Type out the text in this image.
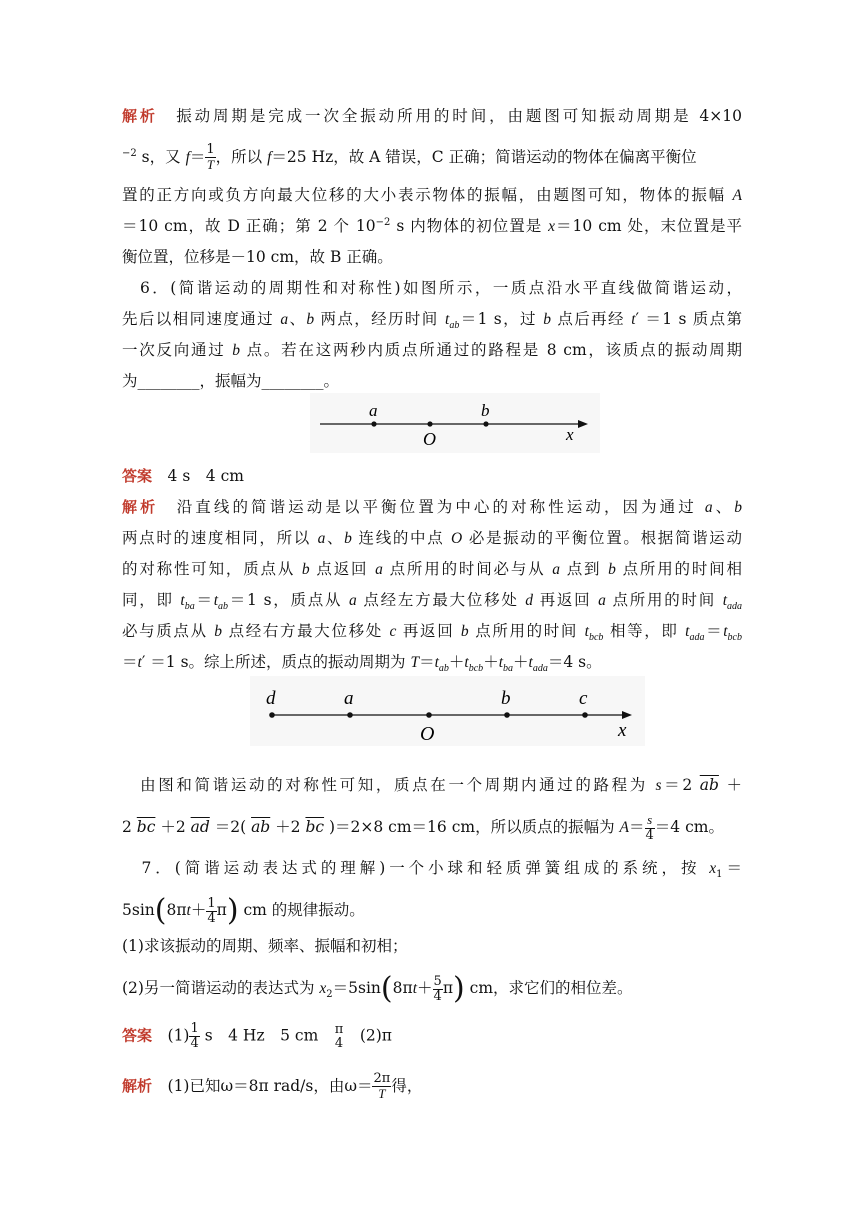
解析　振动周期是完成一次全振动所用的时间，由题图可知振动周期是 4×10
$^{-2}$ s，又 $f= \frac{1}{T}$ ，所以 f＝25 Hz，故 A 错误，C 正确；简谐运动的物体在偏离平衡位
置的正方向或负方向最大位移的大小表示物体的振幅，由题图可知，物体的振幅 A
＝10 cm，故 D 正确；第 2 个 $10^{-2}$ s 内物体的初位置是 x＝10 cm 处，末位置是平
衡位置，位移是－10 cm，故 B 正确。
　6．(简谐运动的周期性和对称性)如图所示，一质点沿水平直线做简谐运动，
先后以相同速度通过 a、b 两点，经历时间 $t_{ab}=1$ s，过 b 点后再经 t′ ＝1 s 质点第
一次反向通过 b 点。若在这两秒内质点所通过的路程是 8 cm，该质点的振动周期
为________，振幅为________。
a	b
O	x
答案　 4 s　4 cm
解析　沿直线的简谐运动是以平衡位置为中心的对称性运动，因为通过 a、b
两点时的速度相同，所以 a、b 连线的中点 O 必是振动的平衡位置。根据简谐运动
的对称性可知，质点从 b 点返回 a 点所用的时间必与从 a 点到 b 点所用的时间相
同，即 $t_{ba}=t_{ab}=1$ s，质点从 a 点经左方最大位移处 d 再返回 a 点所用的时间 $t_{ada}$
必与质点从 b 点经右方最大位移处 c 再返回 b 点所用的时间 $t_{bcb}$ 相等，即 $t_{ada}=t_{bcb}$
＝t′ ＝1 s。综上所述，质点的振动周期为 $T=t_{ab}+t_{bcb}+t_{ba}+t_{ada}=4$ s。
d	a	b	c
O	x
　由图和简谐运动的对称性可知，质点在一个周期内通过的路程为 s＝2 $\overline{ab}$ ＋
2 $\overline{bc} +2$ $\overline{ad} =2$( $\overline{ab} +2$ $\overline{bc}$ )＝2×8 cm＝16 cm，所以质点的振幅为 $A= \frac{s}{4} =4$ cm。
　7．(简谐运动表达式的理解)一个小球和轻质弹簧组成的系统，按 $x_1=$
$5\sin(8\pi t+ \frac{1}{4} \pi)$ cm 的规律振动。
(1)求该振动的周期、频率、振幅和初相；
(2)另一简谐运动的表达式为 $x_2=5\sin(8\pi t+ \frac{5}{4} \pi)$ cm，求它们的相位差。
答案　$(1) \frac{1}{4}$ s　4 Hz　5 cm　 π
4 　(2)π
解析　(1)已知ω＝8π rad/s，由$\omega= \frac{2\pi}{T}$ 得，
